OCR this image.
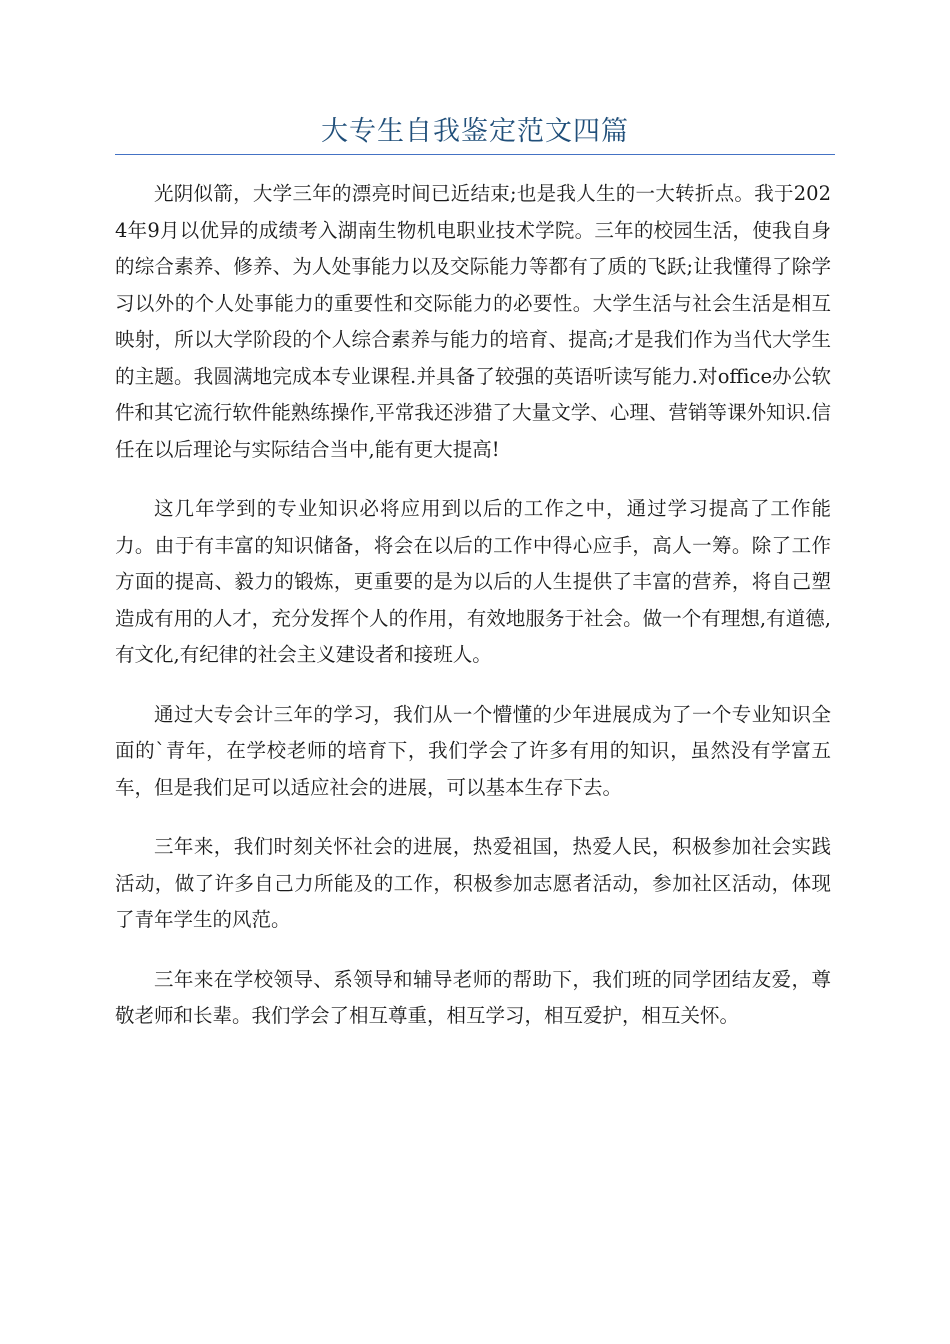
大专生自我鉴定范文四篇

光阴似箭，大学三年的漂亮时间已近结束;也是我人生的一大转折点。我于2024年9月以优异的成绩考入湖南生物机电职业技术学院。三年的校园生活，使我自身的综合素养、修养、为人处事能力以及交际能力等都有了质的飞跃;让我懂得了除学习以外的个人处事能力的重要性和交际能力的必要性。大学生活与社会生活是相互映射，所以大学阶段的个人综合素养与能力的培育、提高;才是我们作为当代大学生的主题。我圆满地完成本专业课程.并具备了较强的英语听读写能力.对office办公软件和其它流行软件能熟练操作,平常我还涉猎了大量文学、心理、营销等课外知识.信任在以后理论与实际结合当中,能有更大提高!

这几年学到的专业知识必将应用到以后的工作之中，通过学习提高了工作能力。由于有丰富的知识储备，将会在以后的工作中得心应手，高人一筹。除了工作方面的提高、毅力的锻炼，更重要的是为以后的人生提供了丰富的营养，将自己塑造成有用的人才，充分发挥个人的作用，有效地服务于社会。做一个有理想,有道德,有文化,有纪律的社会主义建设者和接班人。

通过大专会计三年的学习，我们从一个懵懂的少年进展成为了一个专业知识全面的`青年，在学校老师的培育下，我们学会了许多有用的知识，虽然没有学富五车，但是我们足可以适应社会的进展，可以基本生存下去。

三年来，我们时刻关怀社会的进展，热爱祖国，热爱人民，积极参加社会实践活动，做了许多自己力所能及的工作，积极参加志愿者活动，参加社区活动，体现了青年学生的风范。

三年来在学校领导、系领导和辅导老师的帮助下，我们班的同学团结友爱，尊敬老师和长辈。我们学会了相互尊重，相互学习，相互爱护，相互关怀。
